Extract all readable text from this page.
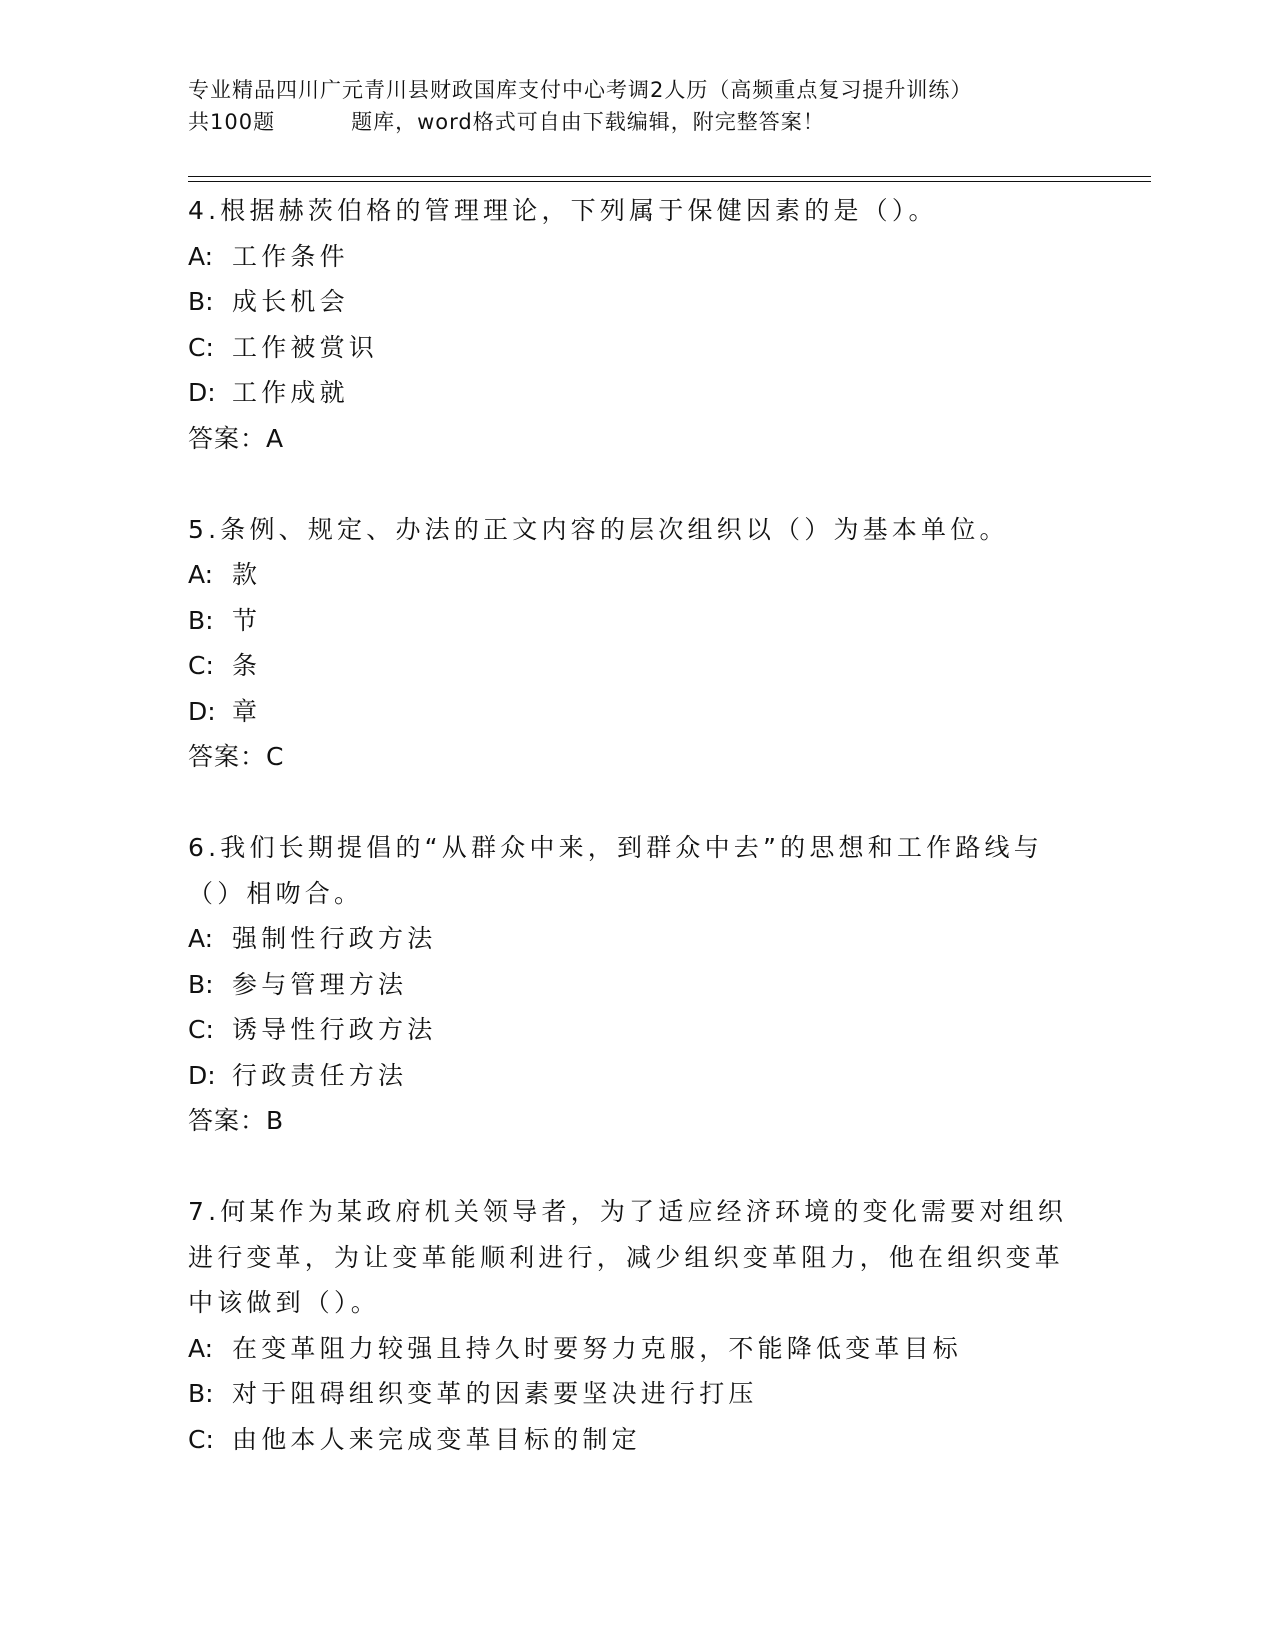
专业精品四川广元青川县财政国库支付中心考调2人历（高频重点复习提升训练）
共100题	题库，word格式可自由下载编辑，附完整答案！

4.根据赫茨伯格的管理理论，下列属于保健因素的是（）。

A: 工作条件

B: 成长机会

C: 工作被赏识

D: 工作成就

答案：A

5.条例、规定、办法的正文内容的层次组织以（）为基本单位。

A: 款

B: 节

C: 条

D: 章

答案：C

6.我们长期提倡的“从群众中来，到群众中去”的思想和工作路线与

（）相吻合。

A: 强制性行政方法

B: 参与管理方法

C: 诱导性行政方法

D: 行政责任方法

答案：B

7.何某作为某政府机关领导者，为了适应经济环境的变化需要对组织

进行变革，为让变革能顺利进行，减少组织变革阻力，他在组织变革

中该做到（）。

A: 在变革阻力较强且持久时要努力克服，不能降低变革目标

B: 对于阻碍组织变革的因素要坚决进行打压

C: 由他本人来完成变革目标的制定
